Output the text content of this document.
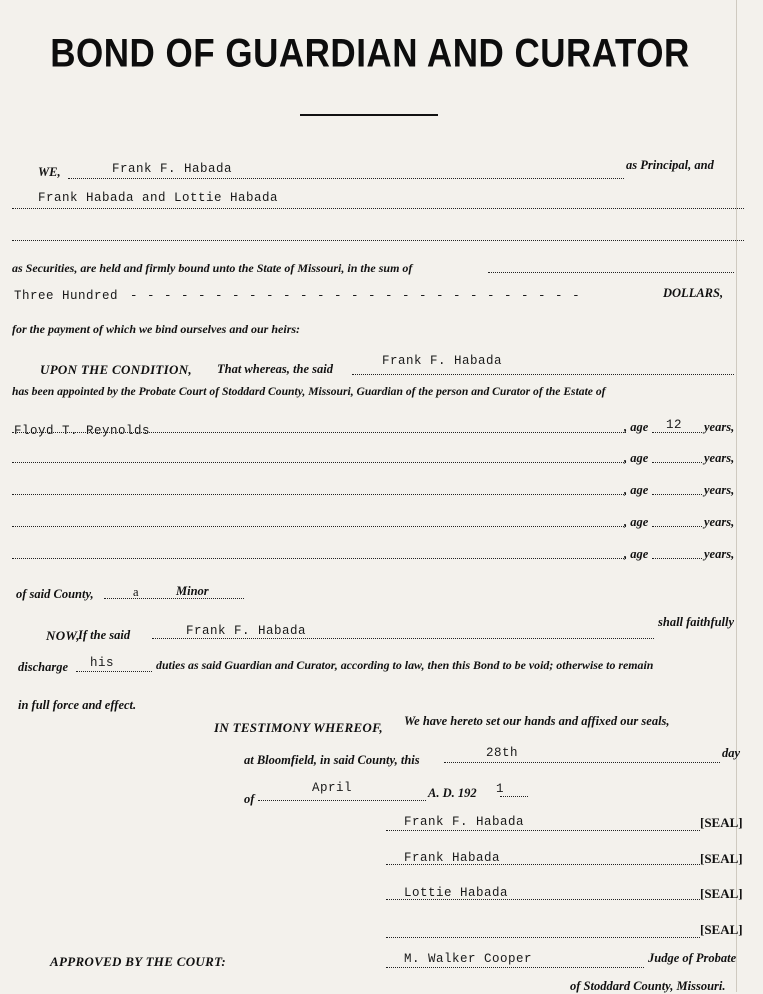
BOND OF GUARDIAN AND CURATOR
WE,	Frank F. Habada	as Principal, and
Frank Habada and Lottie Habada
as Securities, are held and firmly bound unto the State of Missouri, in the sum of
Three Hundred - - - - - - - - - - - - - - - - - - - - - - - - - - -	DOLLARS,
for the payment of which we bind ourselves and our heirs:
UPON THE CONDITION, That whereas, the said
Frank F. Habada
has been appointed by the Probate Court of Stoddard County, Missouri, Guardian of the person and Curator of the Estate of
Floyd T. Reynolds	, age 12 years,
, age	years,
, age	years,
, age	years,
, age	years,
of said County,	a	Minor
NOW,
If the said	Frank F. Habada
shall faithfully
discharge his	duties as said Guardian and Curator, according to law, then this Bond to be void; otherwise to remain
in full force and effect.
IN TESTIMONY WHEREOF, We have hereto set our hands and affixed our seals,
at Bloomfield, in said County, this	28th	day
of
April	A. D. 192 1
Frank F. Habada	[SEAL]
Frank Habada	[SEAL]
Lottie Habada	[SEAL]
[SEAL]
APPROVED BY THE COURT:	M. Walker Cooper	Judge of Probate
of Stoddard County, Missouri.
